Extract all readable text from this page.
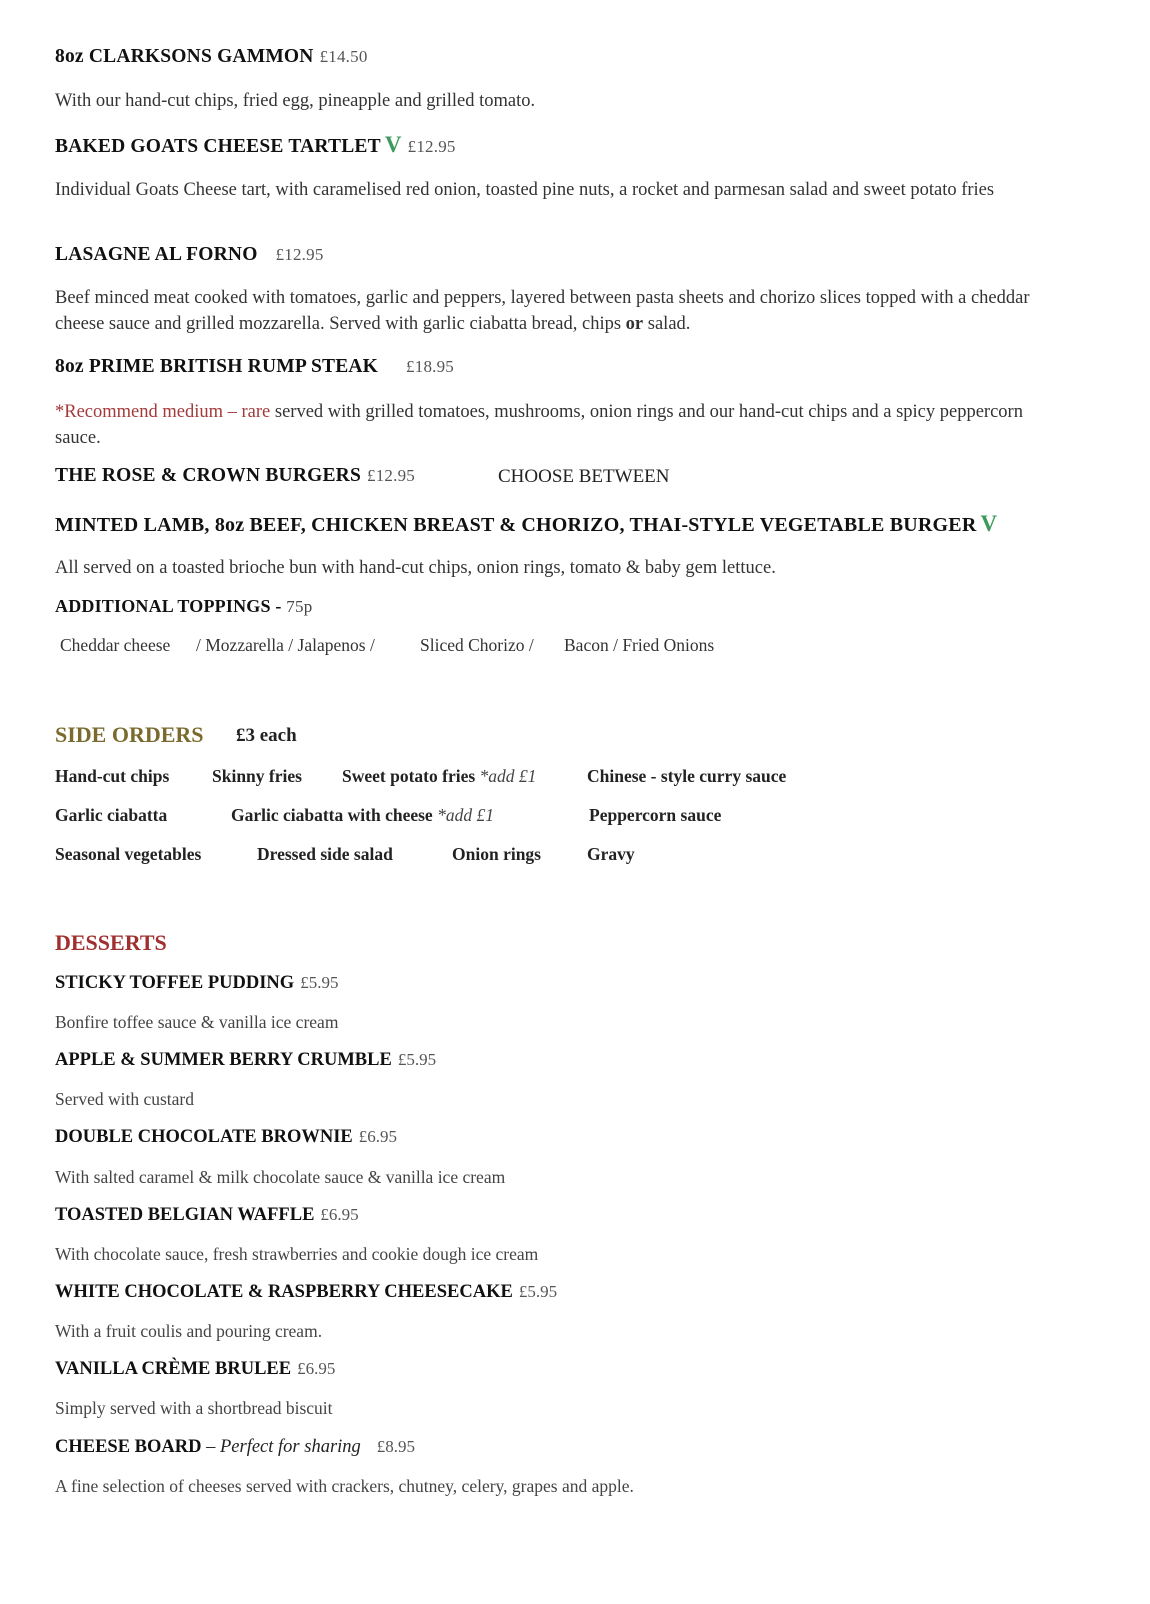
8oz CLARKSONS GAMMON £14.50
With our hand-cut chips, fried egg, pineapple and grilled tomato.
BAKED GOATS CHEESE TARTLET V £12.95
Individual Goats Cheese tart, with caramelised red onion, toasted pine nuts, a rocket and parmesan salad and sweet potato fries
LASAGNE AL FORNO £12.95
Beef minced meat cooked with tomatoes, garlic and peppers, layered between pasta sheets and chorizo slices topped with a cheddar cheese sauce and grilled mozzarella. Served with garlic ciabatta bread, chips or salad.
8oz PRIME BRITISH RUMP STEAK £18.95
*Recommend medium – rare served with grilled tomatoes, mushrooms, onion rings and our hand-cut chips and a spicy peppercorn sauce.
THE ROSE & CROWN BURGERS £12.95	CHOOSE BETWEEN
MINTED LAMB, 8oz BEEF, CHICKEN BREAST & CHORIZO, THAI-STYLE VEGETABLE BURGER V
All served on a toasted brioche bun with hand-cut chips, onion rings, tomato & baby gem lettuce.
ADDITIONAL TOPPINGS - 75p
Cheddar cheese / Mozzarella / Jalapenos /	Sliced Chorizo / Bacon / Fried Onions
SIDE ORDERS £3 each
Hand-cut chips Skinny fries Sweet potato fries *add £1	Chinese - style curry sauce
Garlic ciabatta	Garlic ciabatta with cheese *add £1	Peppercorn sauce
Seasonal vegetables	Dressed side salad	Onion rings	Gravy
DESSERTS
STICKY TOFFEE PUDDING £5.95
Bonfire toffee sauce & vanilla ice cream
APPLE & SUMMER BERRY CRUMBLE £5.95
Served with custard
DOUBLE CHOCOLATE BROWNIE £6.95
With salted caramel & milk chocolate sauce & vanilla ice cream
TOASTED BELGIAN WAFFLE £6.95
With chocolate sauce, fresh strawberries and cookie dough ice cream
WHITE CHOCOLATE & RASPBERRY CHEESECAKE £5.95
With a fruit coulis and pouring cream.
VANILLA CRÈME BRULEE £6.95
Simply served with a shortbread biscuit
CHEESE BOARD – Perfect for sharing £8.95
A fine selection of cheeses served with crackers, chutney, celery, grapes and apple.
